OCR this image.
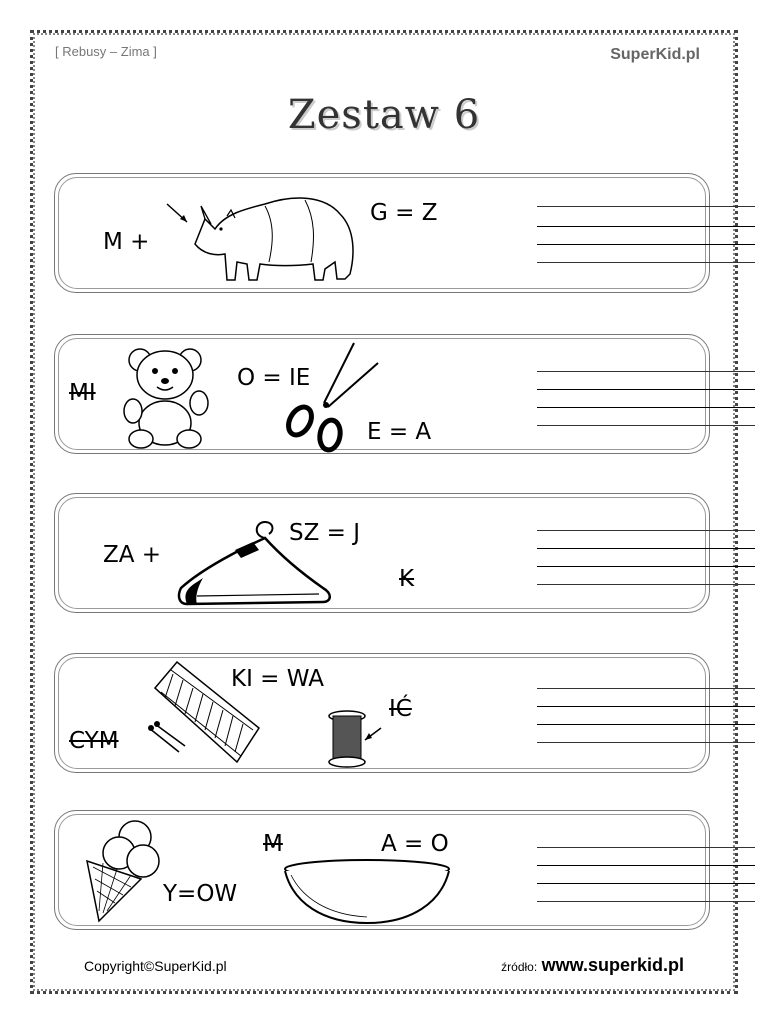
[ Rebusy – Zima ]	SuperKid.pl
Zestaw 6
M +
G = Z
MI
O = IE
E = A
ZA +
SZ = J
K
CYM
KI = WA
IĆ
M	A = O
Y=OW
Copyright©SuperKid.pl	źródło: www.superkid.pl
